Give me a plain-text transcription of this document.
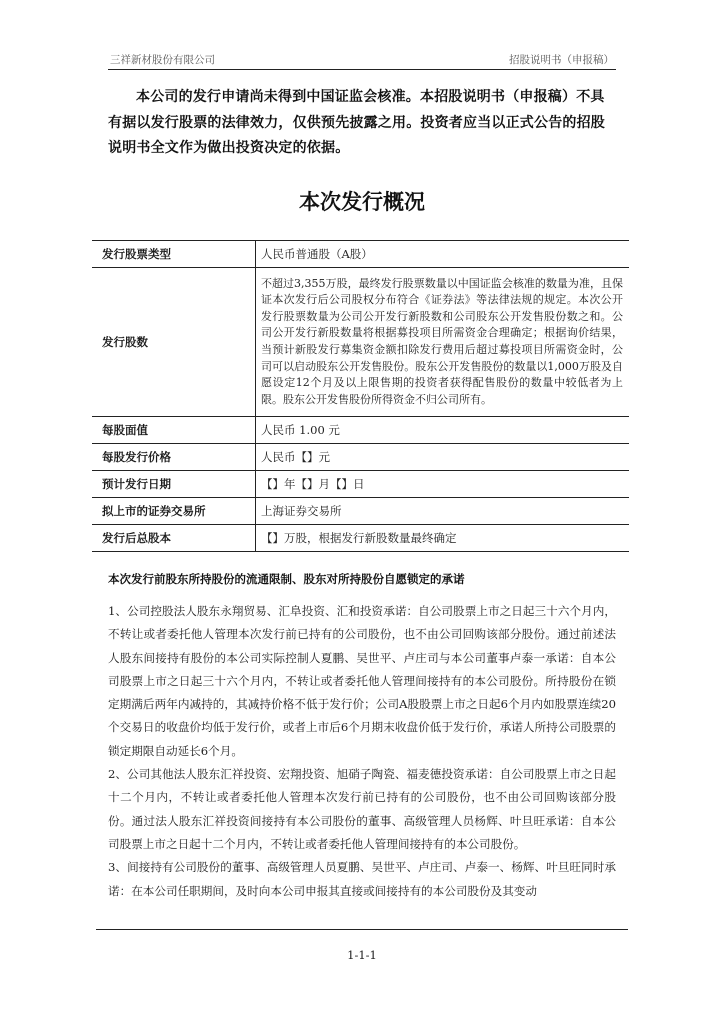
三祥新材股份有限公司	招股说明书（申报稿）
本公司的发行申请尚未得到中国证监会核准。本招股说明书（申报稿）不具有据以发行股票的法律效力，仅供预先披露之用。投资者应当以正式公告的招股说明书全文作为做出投资决定的依据。
本次发行概况
发行股票类型	人民币普通股（A股）
发行股数	不超过3,355万股，最终发行股票数量以中国证监会核准的数量为准，且保证本次发行后公司股权分布符合《证券法》等法律法规的规定。本次公开发行股票数量为公司公开发行新股数和公司股东公开发售股份数之和。公司公开发行新股数量将根据募投项目所需资金合理确定；根据询价结果，当预计新股发行募集资金额扣除发行费用后超过募投项目所需资金时，公司可以启动股东公开发售股份。股东公开发售股份的数量以1,000万股及自愿设定12个月及以上限售期的投资者获得配售股份的数量中较低者为上限。股东公开发售股份所得资金不归公司所有。

每股面值	人民币 1.00 元
每股发行价格	人民币【】元
预计发行日期	【】年【】月【】日
拟上市的证券交易所	上海证券交易所
发行后总股本	【】万股，根据发行新股数量最终确定
本次发行前股东所持股份的流通限制、股东对所持股份自愿锁定的承诺

1、公司控股法人股东永翔贸易、汇阜投资、汇和投资承诺：自公司股票上市之日起三十六个月内，不转让或者委托他人管理本次发行前已持有的公司股份，也不由公司回购该部分股份。通过前述法人股东间接持有股份的本公司实际控制人夏鹏、吴世平、卢庄司与本公司董事卢泰一承诺：自本公司股票上市之日起三十六个月内，不转让或者委托他人管理间接持有的本公司股份。所持股份在锁定期满后两年内减持的，其减持价格不低于发行价；公司A股股票上市之日起6个月内如股票连续20个交易日的收盘价均低于发行价，或者上市后6个月期末收盘价低于发行价，承诺人所持公司股票的锁定期限自动延长6个月。

2、公司其他法人股东汇祥投资、宏翔投资、旭硝子陶瓷、福麦德投资承诺：自公司股票上市之日起十二个月内，不转让或者委托他人管理本次发行前已持有的公司股份，也不由公司回购该部分股份。通过法人股东汇祥投资间接持有本公司股份的董事、高级管理人员杨辉、叶旦旺承诺：自本公司股票上市之日起十二个月内，不转让或者委托他人管理间接持有的本公司股份。

3、间接持有公司股份的董事、高级管理人员夏鹏、吴世平、卢庄司、卢泰一、杨辉、叶旦旺同时承诺：在本公司任职期间，及时向本公司申报其直接或间接持有的本公司股份及其变动

1-1-1
